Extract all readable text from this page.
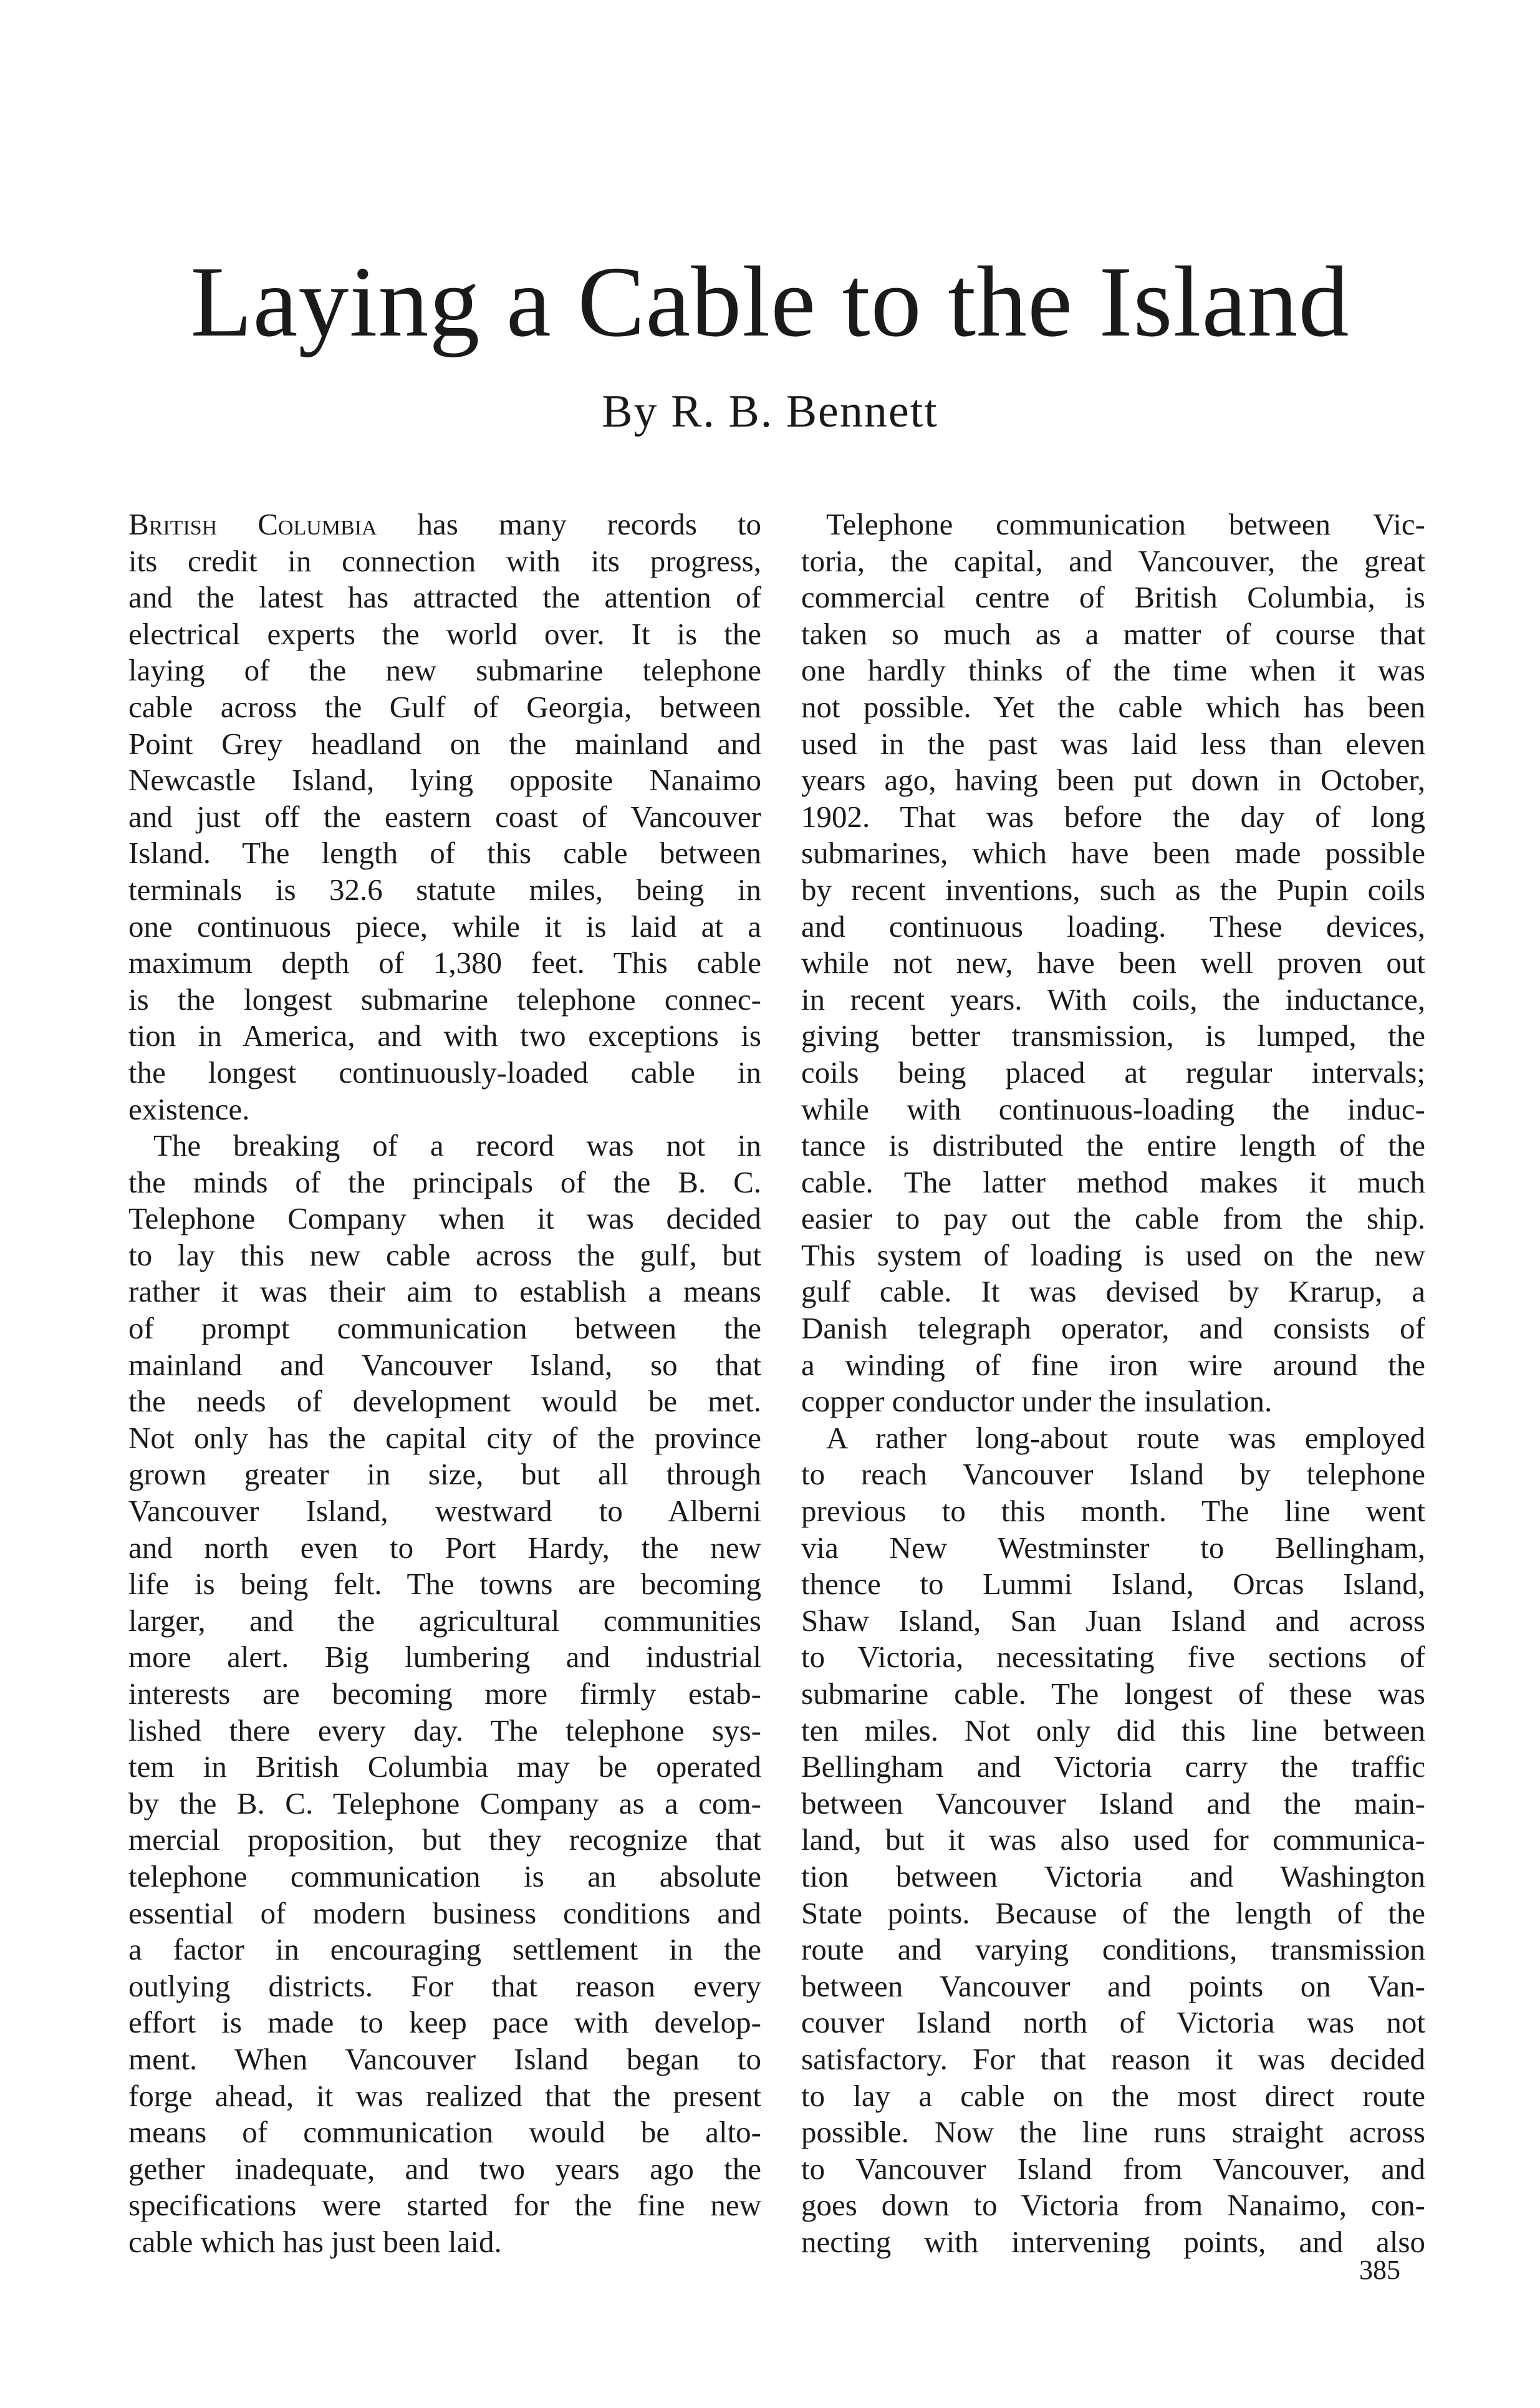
Laying a Cable to the Island
By R. B. Bennett
British Columbia has many records to
its credit in connection with its progress,
and the latest has attracted the attention of
electrical experts the world over. It is the
laying of the new submarine telephone
cable across the Gulf of Georgia, between
Point Grey headland on the mainland and
Newcastle Island, lying opposite Nanaimo
and just off the eastern coast of Vancouver
Island. The length of this cable between
terminals is 32.6 statute miles, being in
one continuous piece, while it is laid at a
maximum depth of 1,380 feet. This cable
is the longest submarine telephone connec-
tion in America, and with two exceptions is
the longest continuously-loaded cable in
existence.
The breaking of a record was not in
the minds of the principals of the B. C.
Telephone Company when it was decided
to lay this new cable across the gulf, but
rather it was their aim to establish a means
of prompt communication between the
mainland and Vancouver Island, so that
the needs of development would be met.
Not only has the capital city of the province
grown greater in size, but all through
Vancouver Island, westward to Alberni
and north even to Port Hardy, the new
life is being felt. The towns are becoming
larger, and the agricultural communities
more alert. Big lumbering and industrial
interests are becoming more firmly estab-
lished there every day. The telephone sys-
tem in British Columbia may be operated
by the B. C. Telephone Company as a com-
mercial proposition, but they recognize that
telephone communication is an absolute
essential of modern business conditions and
a factor in encouraging settlement in the
outlying districts. For that reason every
effort is made to keep pace with develop-
ment. When Vancouver Island began to
forge ahead, it was realized that the present
means of communication would be alto-
gether inadequate, and two years ago the
specifications were started for the fine new
cable which has just been laid.
Telephone communication between Vic-
toria, the capital, and Vancouver, the great
commercial centre of British Columbia, is
taken so much as a matter of course that
one hardly thinks of the time when it was
not possible. Yet the cable which has been
used in the past was laid less than eleven
years ago, having been put down in October,
1902. That was before the day of long
submarines, which have been made possible
by recent inventions, such as the Pupin coils
and continuous loading. These devices,
while not new, have been well proven out
in recent years. With coils, the inductance,
giving better transmission, is lumped, the
coils being placed at regular intervals;
while with continuous-loading the induc-
tance is distributed the entire length of the
cable. The latter method makes it much
easier to pay out the cable from the ship.
This system of loading is used on the new
gulf cable. It was devised by Krarup, a
Danish telegraph operator, and consists of
a winding of fine iron wire around the
copper conductor under the insulation.
A rather long-about route was employed
to reach Vancouver Island by telephone
previous to this month. The line went
via New Westminster to Bellingham,
thence to Lummi Island, Orcas Island,
Shaw Island, San Juan Island and across
to Victoria, necessitating five sections of
submarine cable. The longest of these was
ten miles. Not only did this line between
Bellingham and Victoria carry the traffic
between Vancouver Island and the main-
land, but it was also used for communica-
tion between Victoria and Washington
State points. Because of the length of the
route and varying conditions, transmission
between Vancouver and points on Van-
couver Island north of Victoria was not
satisfactory. For that reason it was decided
to lay a cable on the most direct route
possible. Now the line runs straight across
to Vancouver Island from Vancouver, and
goes down to Victoria from Nanaimo, con-
necting with intervening points, and also
385
